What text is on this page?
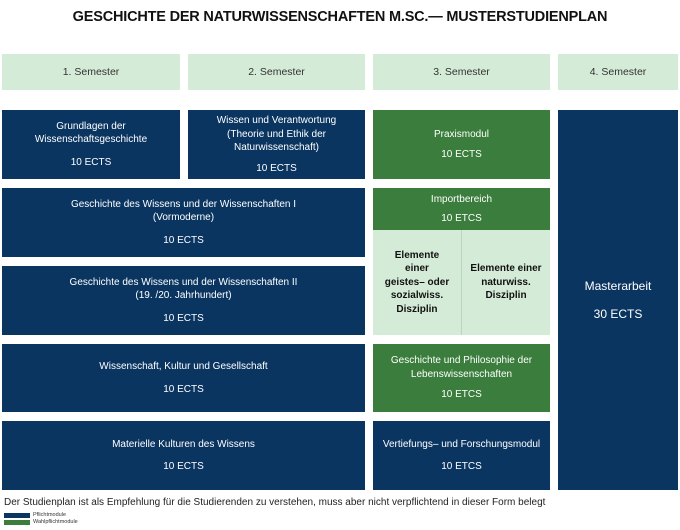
GESCHICHTE DER NATURWISSENSCHAFTEN M.SC.— MUSTERSTUDIENPLAN
1. Semester	2. Semester	3. Semester	4. Semester
Grundlagen der
Wissenschaftsgeschichte
10 ECTS
Wissen und Verantwortung
(Theorie und Ethik der
Naturwissenschaft)
10 ECTS
Praxismodul
10 ECTS
Masterarbeit
30 ECTS
Geschichte des Wissens und der Wissenschaften I
(Vormoderne)
10 ECTS
Importbereich
10 ETCS
Elemente
einer
geistes– oder
sozialwiss.
Disziplin
Elemente einer
naturwiss.
Disziplin
Geschichte des Wissens und der Wissenschaften II
(19. /20. Jahrhundert)
10 ECTS
Wissenschaft, Kultur und Gesellschaft
10 ECTS
Geschichte und Philosophie der
Lebenswissenschaften
10 ETCS
Materielle Kulturen des Wissens
10 ECTS
Vertiefungs– und Forschungsmodul
10 ETCS
Der Studienplan ist als Empfehlung für die Studierenden zu verstehen, muss aber nicht verpflichtend in dieser Form belegt
Pflichtmodule
Wahlpflichtmodule
